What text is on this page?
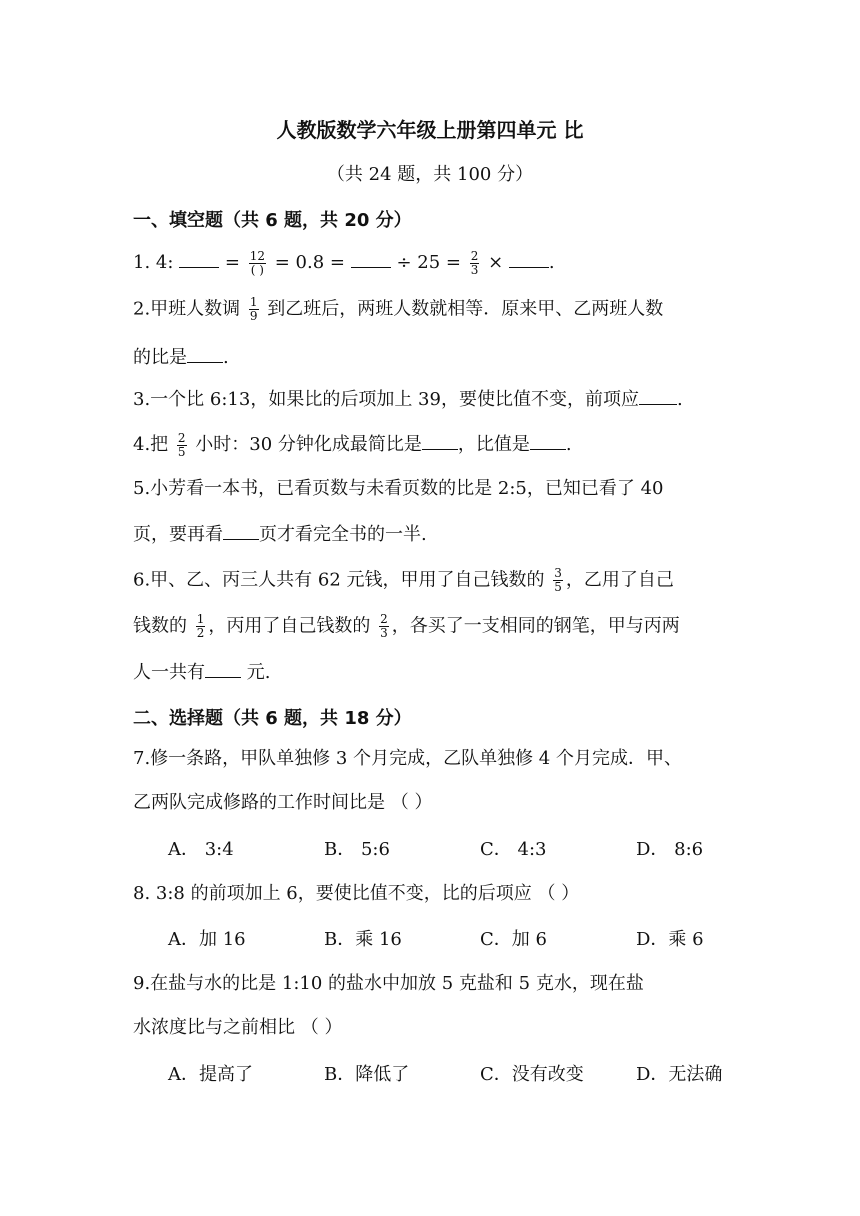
人教版数学六年级上册第四单元 比
（共 24 题，共 100 分）
一、填空题（共 6 题，共 20 分）
1. 4:	= $\frac{12}{( )} = 0.8$ =	÷ $25 = \frac{2}{3}$ ×	.
2.甲班人数调 $\frac{1}{9}$ 到乙班后，两班人数就相等．原来甲、乙两班人数
的比是 .
3.一个比 6:13，如果比的后项加上 39，要使比值不变，前项应 .
4.把 $\frac{2}{5}$ 小时：30 分钟化成最简比是 ，比值是 .
5.小芳看一本书，已看页数与未看页数的比是 2:5，已知已看了 40
页，要再看 页才看完全书的一半.
6.甲、乙、丙三人共有 62 元钱，甲用了自己钱数的 $\frac{3}{5}$ ，乙用了自己
钱数的 $\frac{1}{2}$ ，丙用了自己钱数的 $\frac{2}{3}$ ，各买了一支相同的钢笔，甲与丙两
人一共有 元.
二、选择题（共 6 题，共 18 分）
7.修一条路，甲队单独修 3 个月完成，乙队单独修 4 个月完成．甲、
乙两队完成修路的工作时间比是 （ ）
A． 3:4	B． 5:6	C． 4:3	D． 8:6
8. 3:8 的前项加上 6，要使比值不变，比的后项应 （ ）
A．加 16	B．乘 16	C．加 6	D．乘 6
9.在盐与水的比是 1:10 的盐水中加放 5 克盐和 5 克水，现在盐
水浓度比与之前相比 （ ）
A．提高了	B．降低了	C．没有改变	D．无法确
